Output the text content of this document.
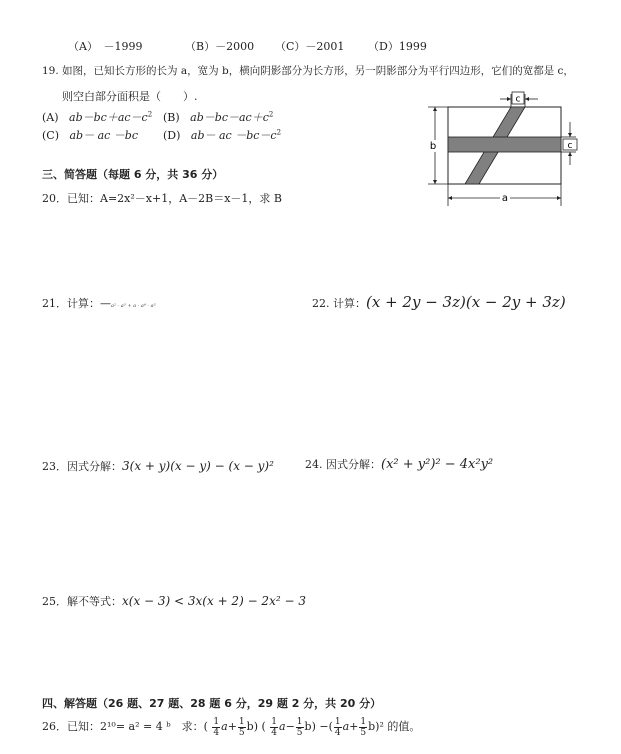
（A）　－1999	（B）－2000 （C）－2001 （D）1999
19. 如图，已知长方形的长为 a，宽为 b，横向阴影部分为长方形，另一阴影部分为平行四边形，它们的宽都是 c，
则空白部分面积是（　　）.
(A) $ab-bc+ac-c^2$ (B) $ab-bc-ac+c^2$
(C) ab－ ac －bc (D) ab－ ac $-bc-c^2$
c
c
b
a
三、简答题（每题 6 分，共 36 分）
20．已知：A=2x²－x+1，A－2B＝x－1，求 B
21．计算：—a² · a³ + a · a⁴ · a⁵	22. 计算：(x + 2y − 3z)(x − 2y + 3z)
23．因式分解：3(x + y)(x − y) − (x − y)²	24. 因式分解：(x² + y²)² − 4x²y²
25．解不等式：x(x − 3) < 3x(x + 2) − 2x² − 3
四、解答题（26 题、27 题、28 题 6 分，29 题 2 分，共 20 分）
26．已知：2¹⁰= a² = 4 ᵇ　求：( $\frac{1}{4} a+ \frac{1}{5} b$) ( $\frac{1}{4} a- \frac{1}{5} b$) −( $\frac{1}{4} a+ \frac{1}{5} b)^2$ 的值。
